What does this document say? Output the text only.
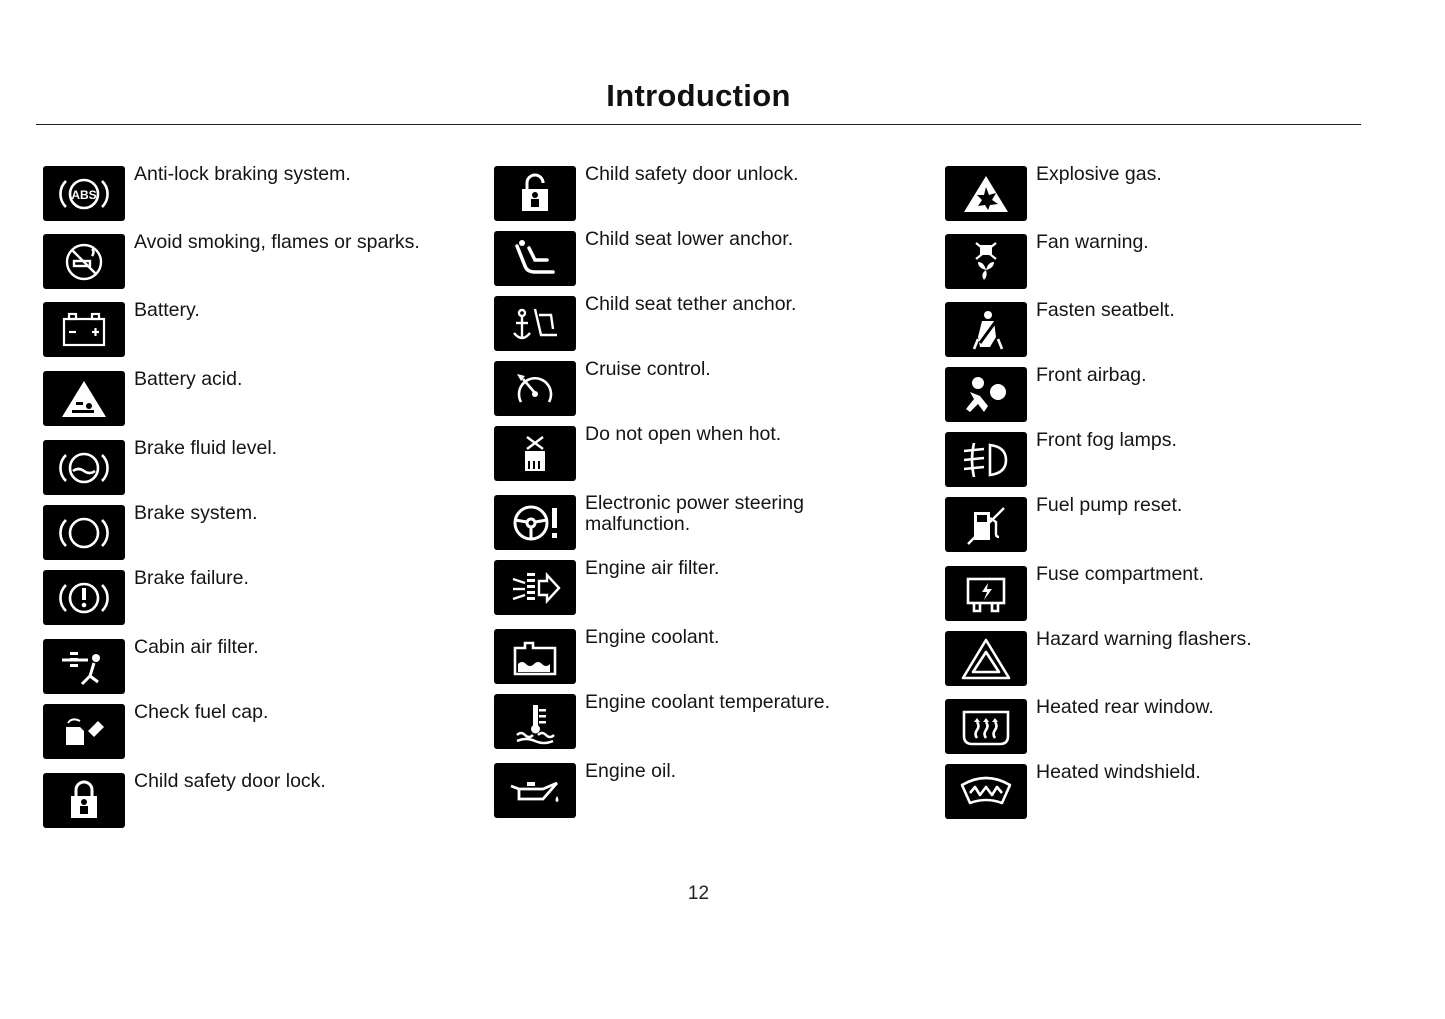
Introduction
ABS
Anti-lock braking system.
Avoid smoking, flames or sparks.
Battery.
Battery acid.
Brake fluid level.
Brake system.
Brake failure.
Cabin air filter.
Check fuel cap.
Child safety door lock.
Child safety door unlock.
Child seat lower anchor.
Child seat tether anchor.
Cruise control.
Do not open when hot.
Electronic power steering malfunction.
Engine air filter.
Engine coolant.
Engine coolant temperature.
Engine oil.
Explosive gas.
Fan warning.
Fasten seatbelt.
Front airbag.
Front fog lamps.
Fuel pump reset.
Fuse compartment.
Hazard warning flashers.
Heated rear window.
Heated windshield.
12
